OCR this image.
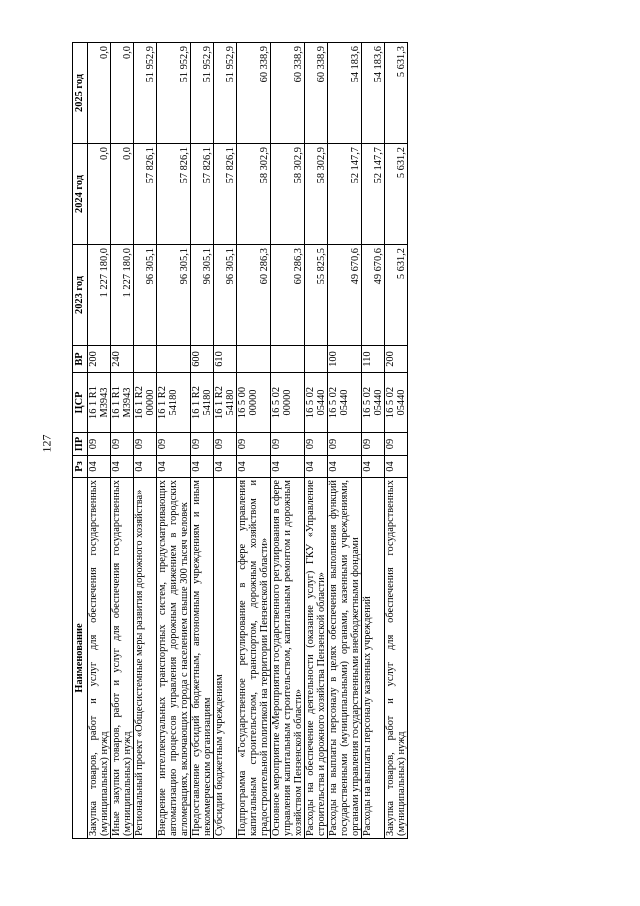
127
Наименование	Рз	ПР	ЦСР	ВР	2023 год	2024 год	2025 год
Закупка товаров, работ и услуг для обеспечения государственных (муниципальных) нужд	04	09	16 1 R1 M3943	200	1 227 180,0	0,0	0,0
Иные закупки товаров, работ и услуг для обеспечения государственных (муниципальных) нужд	04	09	16 1 R1 M3943	240	1 227 180,0	0,0	0,0
Региональный проект «Общесистемные меры развития дорожного хозяйства»	04	09	16 1 R2 00000		96 305,1	57 826,1	51 952,9
Внедрение интеллектуальных транспортных систем, предусматривающих автоматизацию процессов управления дорожным движением в городских агломерациях, включающих города с населением свыше 300 тысяч человек	04	09	16 1 R2 54180		96 305,1	57 826,1	51 952,9
Предоставление субсидий бюджетным, автономным учреждениям и иным некоммерческим организациям	04	09	16 1 R2 54180	600	96 305,1	57 826,1	51 952,9
Субсидии бюджетным учреждениям	04	09	16 1 R2 54180	610	96 305,1	57 826,1	51 952,9
Подпрограмма «Государственное регулирование в сфере управления капитальным строительством, транспортом, дорожным хозяйством и градостроительной политикой на территории Пензенской области»	04	09	16 5 00 00000		60 286,3	58 302,9	60 338,9
Основное мероприятие «Мероприятия государственного регулирования в сфере управления капитальным строительством, капитальным ремонтом и дорожным хозяйством Пензенской области»	04	09	16 5 02 00000		60 286,3	58 302,9	60 338,9
Расходы на обеспечение деятельности (оказание услуг) ГКУ «Управление строительства и дорожного хозяйства Пензенской области»	04	09	16 5 02 05440		55 825,5	58 302,9	60 338,9
Расходы на выплаты персоналу в целях обеспечения выполнения функций государственными (муниципальными) органами, казенными учреждениями, органами управления государственными внебюджетными фондами	04	09	16 5 02 05440	100	49 670,6	52 147,7	54 183,6
Расходы на выплаты персоналу казенных учреждений	04	09	16 5 02 05440	110	49 670,6	52 147,7	54 183,6
Закупка товаров, работ и услуг для обеспечения государственных (муниципальных) нужд	04	09	16 5 02 05440	200	5 631,2	5 631,2	5 631,3
